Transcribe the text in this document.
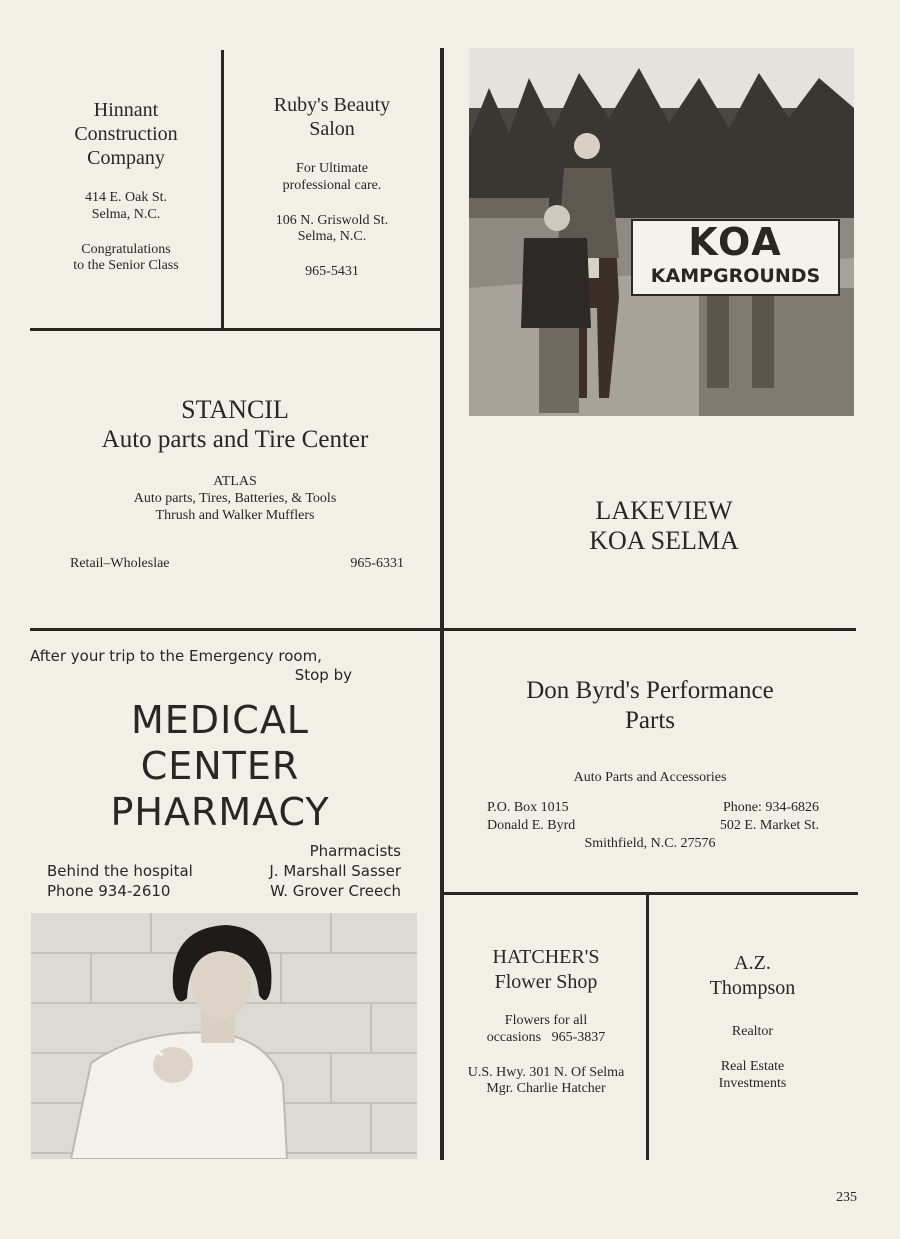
Hinnant
Construction
Company
414 E. Oak St.
Selma, N.C.
Congratulations
to the Senior Class
Ruby's Beauty
Salon
For Ultimate
professional care.
106 N. Griswold St.
Selma, N.C.
965-5431
KOA
KAMPGROUNDS
STANCIL
Auto parts and Tire Center
ATLAS
Auto parts, Tires, Batteries, & Tools
Thrush and Walker Mufflers
Retail–Wholeslae	965-6331
LAKEVIEW
KOA SELMA
After your trip to the Emergency room,
Stop by
MEDICAL
CENTER
PHARMACY
Pharmacists
Behind the hospital
Phone 934-2610
J. Marshall Sasser
W. Grover Creech
Don Byrd's Performance
Parts
Auto Parts and Accessories
P.O. Box 1015	Phone: 934-6826
Donald E. Byrd	502 E. Market St.
Smithfield, N.C. 27576
HATCHER'S
Flower Shop
Flowers for all
occasions   965-3837
U.S. Hwy. 301 N. Of Selma
Mgr. Charlie Hatcher
A.Z.
Thompson
Realtor
Real Estate
Investments
235
